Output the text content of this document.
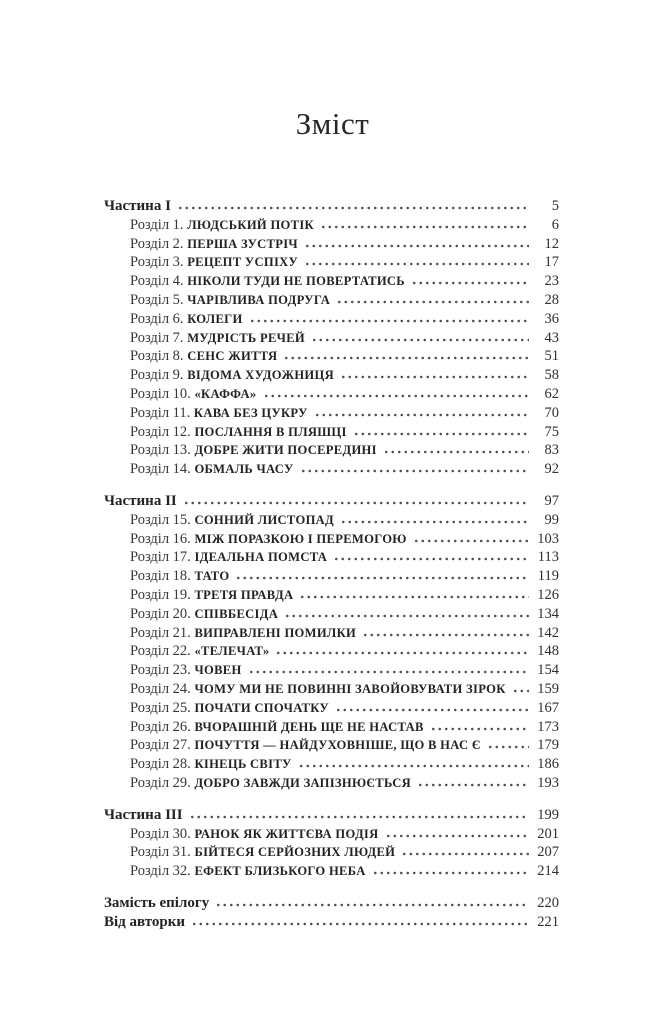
Зміст
Частина I	5
Розділ 1. ЛЮДСЬКИЙ ПОТІК	6
Розділ 2. ПЕРША ЗУСТРІЧ	12
Розділ 3. РЕЦЕПТ УСПІХУ	17
Розділ 4. НІКОЛИ ТУДИ НЕ ПОВЕРТАТИСЬ	23
Розділ 5. ЧАРІВЛИВА ПОДРУГА	28
Розділ 6. КОЛЕГИ	36
Розділ 7. МУДРІСТЬ РЕЧЕЙ	43
Розділ 8. СЕНС ЖИТТЯ	51
Розділ 9. ВІДОМА ХУДОЖНИЦЯ	58
Розділ 10. «КАФФА»	62
Розділ 11. КАВА БЕЗ ЦУКРУ	70
Розділ 12. ПОСЛАННЯ В ПЛЯШЦІ	75
Розділ 13. ДОБРЕ ЖИТИ ПОСЕРЕДИНІ	83
Розділ 14. ОБМАЛЬ ЧАСУ	92
Частина II	97
Розділ 15. СОННИЙ ЛИСТОПАД	99
Розділ 16. МІЖ ПОРАЗКОЮ І ПЕРЕМОГОЮ	103
Розділ 17. ІДЕАЛЬНА ПОМСТА	113
Розділ 18. ТАТО	119
Розділ 19. ТРЕТЯ ПРАВДА	126
Розділ 20. СПІВБЕСІДА	134
Розділ 21. ВИПРАВЛЕНІ ПОМИЛКИ	142
Розділ 22. «ТЕЛЕЧАТ»	148
Розділ 23. ЧОВЕН	154
Розділ 24. ЧОМУ МИ НЕ ПОВИННІ ЗАВОЙОВУВАТИ ЗІРОК 159
Розділ 25. ПОЧАТИ СПОЧАТКУ	167
Розділ 26. ВЧОРАШНІЙ ДЕНЬ ЩЕ НЕ НАСТАВ	173
Розділ 27. ПОЧУТТЯ — НАЙДУХОВНІШЕ, ЩО В НАС Є	179
Розділ 28. КІНЕЦЬ СВІТУ	186
Розділ 29. ДОБРО ЗАВЖДИ ЗАПІЗНЮЄТЬСЯ	193
Частина III	199
Розділ 30. РАНОК ЯК ЖИТТЄВА ПОДІЯ	201
Розділ 31. БІЙТЕСЯ СЕРЙОЗНИХ ЛЮДЕЙ	207
Розділ 32. ЕФЕКТ БЛИЗЬКОГО НЕБА	214
Замість епілогу	220
Від авторки	221
